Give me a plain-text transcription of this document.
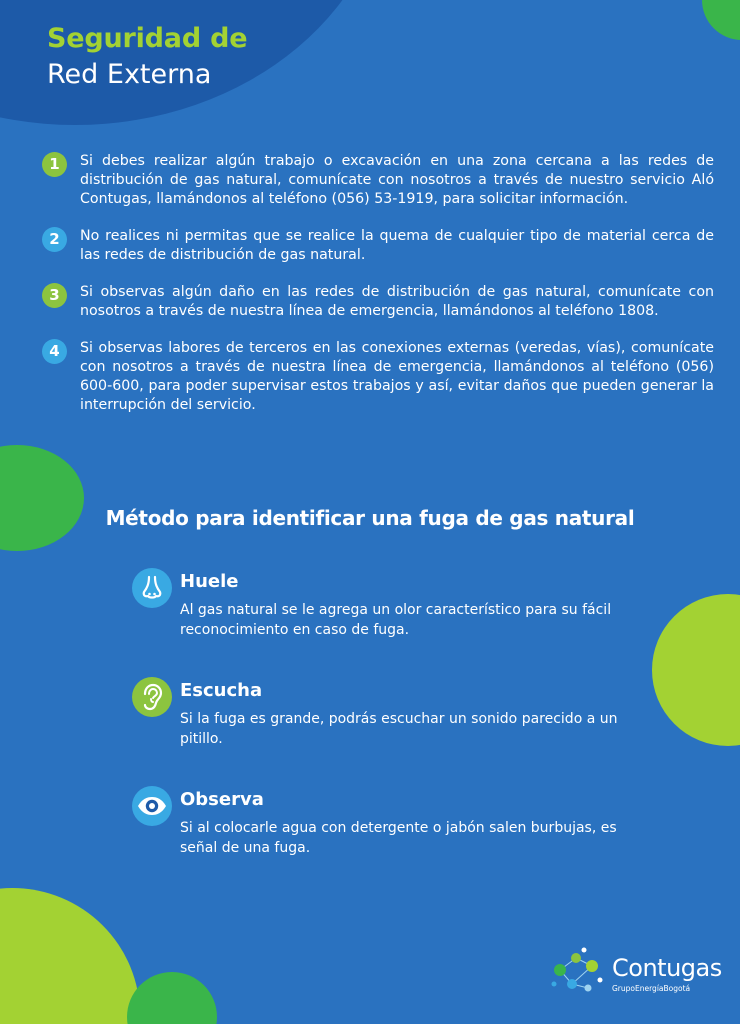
Seguridad de
Red Externa
1	Si debes realizar algún trabajo o excavación en una zona cercana a las redes de distribución de gas natural, comunícate con nosotros a través de nuestro servicio Aló Contugas, llamándonos al teléfono (056) 53-1919, para solicitar información.
2	No realices ni permitas que se realice la quema de cualquier tipo de material cerca de las redes de distribución de gas natural.
3	Si observas algún daño en las redes de distribución de gas natural, comunícate con nosotros a través de nuestra línea de emergencia, llamándonos al teléfono 1808.
4	Si observas labores de terceros en las conexiones externas (veredas, vías), comunícate con nosotros a través de nuestra línea de emergencia, llamándonos al teléfono (056) 600-600, para poder supervisar estos trabajos y así, evitar daños que pueden generar la interrupción del servicio.
Método para identificar una fuga de gas natural
Huele
Al gas natural se le agrega un olor característico para su fácil reconocimiento en caso de fuga.
Escucha
Si la fuga es grande, podrás escuchar un sonido parecido a un pitillo.
Observa
Si al colocarle agua con detergente o jabón salen burbujas, es señal de una fuga.
Contugas
GrupoEnergíaBogotá
